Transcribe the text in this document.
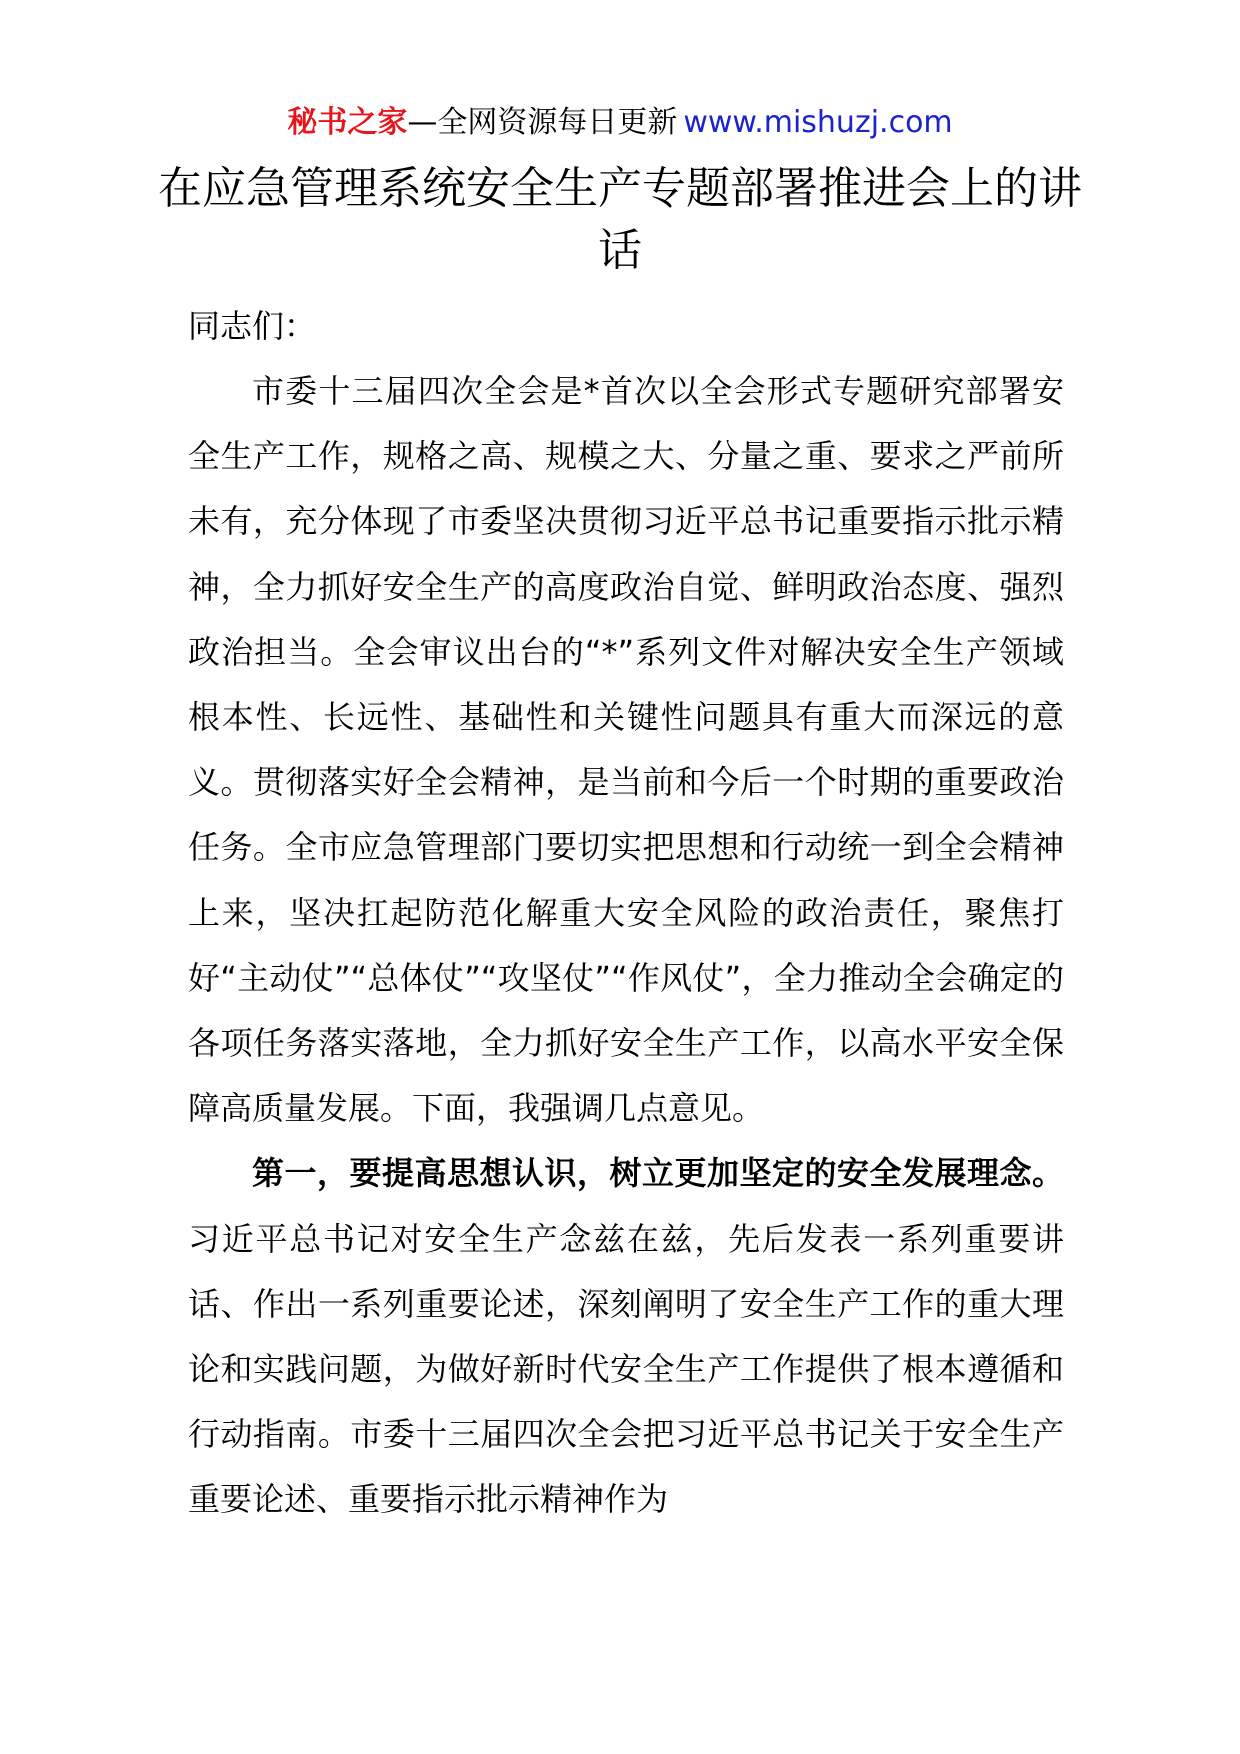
秘书之家—全网资源每日更新 www.mishuzj.com
在应急管理系统安全生产专题部署推进会上的讲话

同志们：

市委十三届四次全会是*首次以全会形式专题研究部署安全生产工作，规格之高、规模之大、分量之重、要求之严前所未有，充分体现了市委坚决贯彻习近平总书记重要指示批示精神，全力抓好安全生产的高度政治自觉、鲜明政治态度、强烈政治担当。全会审议出台的“*”系列文件对解决安全生产领域根本性、长远性、基础性和关键性问题具有重大而深远的意义。贯彻落实好全会精神，是当前和今后一个时期的重要政治任务。全市应急管理部门要切实把思想和行动统一到全会精神上来，坚决扛起防范化解重大安全风险的政治责任，聚焦打好“主动仗”“总体仗”“攻坚仗”“作风仗”，全力推动全会确定的各项任务落实落地，全力抓好安全生产工作，以高水平安全保障高质量发展。下面，我强调几点意见。

第一，要提高思想认识，树立更加坚定的安全发展理念。习近平总书记对安全生产念兹在兹，先后发表一系列重要讲话、作出一系列重要论述，深刻阐明了安全生产工作的重大理论和实践问题，为做好新时代安全生产工作提供了根本遵循和行动指南。市委十三届四次全会把习近平总书记关于安全生产重要论述、重要指示批示精神作为
